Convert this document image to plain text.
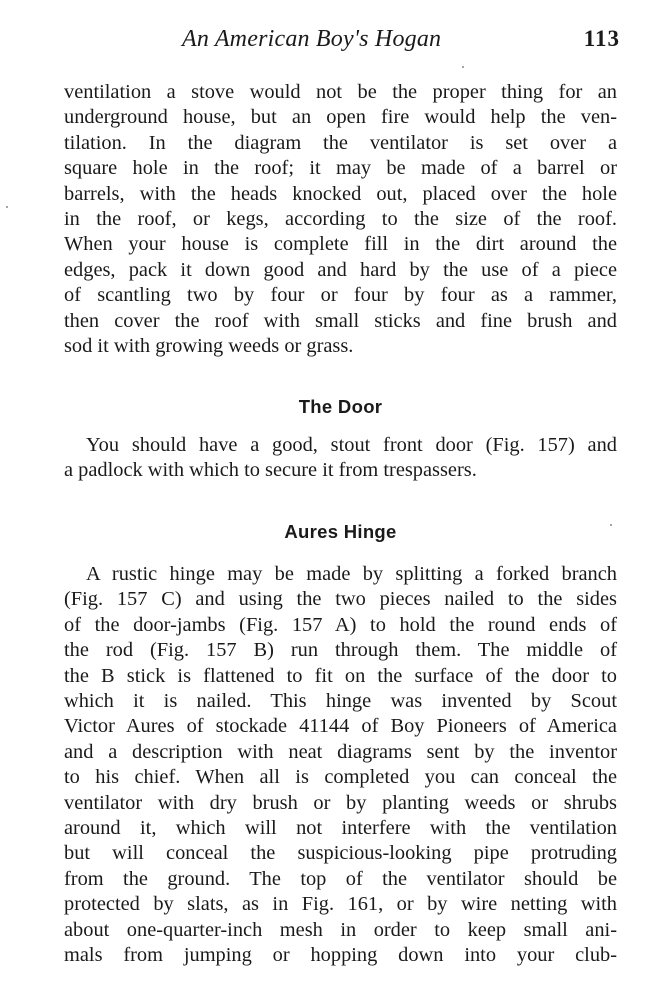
An American Boy's Hogan	113
ventilation a stove would not be the proper thing for an
underground house, but an open fire would help the ven-
tilation. In the diagram the ventilator is set over a
square hole in the roof; it may be made of a barrel or
barrels, with the heads knocked out, placed over the hole
in the roof, or kegs, according to the size of the roof.
When your house is complete fill in the dirt around the
edges, pack it down good and hard by the use of a piece
of scantling two by four or four by four as a rammer,
then cover the roof with small sticks and fine brush and
sod it with growing weeds or grass.
The Door
You should have a good, stout front door (Fig. 157) and
a padlock with which to secure it from trespassers.
Aures Hinge
A rustic hinge may be made by splitting a forked branch
(Fig. 157 C) and using the two pieces nailed to the sides
of the door-jambs (Fig. 157 A) to hold the round ends of
the rod (Fig. 157 B) run through them. The middle of
the B stick is flattened to fit on the surface of the door to
which it is nailed. This hinge was invented by Scout
Victor Aures of stockade 41144 of Boy Pioneers of America
and a description with neat diagrams sent by the inventor
to his chief. When all is completed you can conceal the
ventilator with dry brush or by planting weeds or shrubs
around it, which will not interfere with the ventilation
but will conceal the suspicious-looking pipe protruding
from the ground. The top of the ventilator should be
protected by slats, as in Fig. 161, or by wire netting with
about one-quarter-inch mesh in order to keep small ani-
mals from jumping or hopping down into your club-
